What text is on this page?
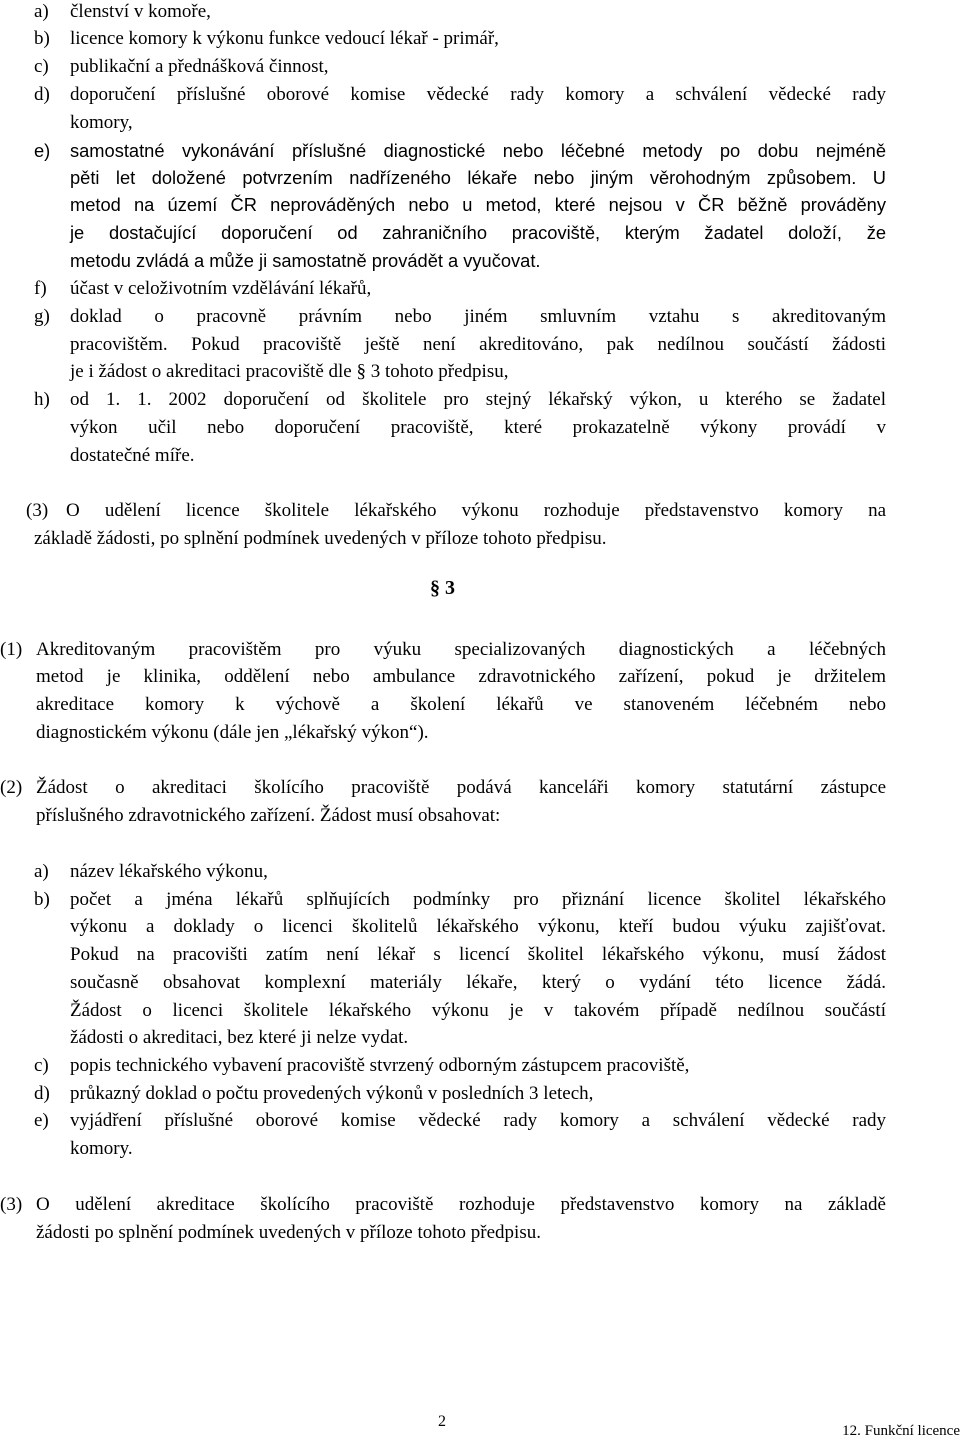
a) členství v komoře,
b) licence komory k výkonu funkce vedoucí lékař - primář,
c) publikační a přednášková činnost,
d) doporučení příslušné oborové komise vědecké rady komory a schválení vědecké rady
komory,
e) samostatné vykonávání příslušné diagnostické nebo léčebné metody po dobu nejméně
pěti let doložené potvrzením nadřízeného lékaře nebo jiným věrohodným způsobem. U
metod na území ČR neprováděných nebo u metod, které nejsou v ČR běžně prováděny
je dostačující doporučení od zahraničního pracoviště, kterým žadatel doloží, že
metodu zvládá a může ji samostatně provádět a vyučovat.
f) účast v celoživotním vzdělávání lékařů,
g) doklad o pracovně právním nebo jiném smluvním vztahu s akreditovaným
pracovištěm. Pokud pracoviště ještě není akreditováno, pak nedílnou součástí žádosti
je i žádost o akreditaci pracoviště dle § 3 tohoto předpisu,
h) od 1. 1. 2002 doporučení od školitele pro stejný lékařský výkon, u kterého se žadatel
výkon učil nebo doporučení pracoviště, které prokazatelně výkony provádí v
dostatečné míře.
(3) O udělení licence školitele lékařského výkonu rozhoduje představenstvo komory na
základě žádosti, po splnění podmínek uvedených v příloze tohoto předpisu.
§ 3
(1) Akreditovaným pracovištěm pro výuku specializovaných diagnostických a léčebných
metod je klinika, oddělení nebo ambulance zdravotnického zařízení, pokud je držitelem
akreditace komory k výchově a školení lékařů ve stanoveném léčebném nebo
diagnostickém výkonu (dále jen „lékařský výkon“).
(2) Žádost o akreditaci školícího pracoviště podává kanceláři komory statutární zástupce
příslušného zdravotnického zařízení. Žádost musí obsahovat:
a) název lékařského výkonu,
b) počet a jména lékařů splňujících podmínky pro přiznání licence školitel lékařského
výkonu a doklady o licenci školitelů lékařského výkonu, kteří budou výuku zajišťovat.
Pokud na pracovišti zatím není lékař s licencí školitel lékařského výkonu, musí žádost
současně obsahovat komplexní materiály lékaře, který o vydání této licence žádá.
Žádost o licenci školitele lékařského výkonu je v takovém případě nedílnou součástí
žádosti o akreditaci, bez které ji nelze vydat.
c) popis technického vybavení pracoviště stvrzený odborným zástupcem pracoviště,
d) průkazný doklad o počtu provedených výkonů v posledních 3 letech,
e) vyjádření příslušné oborové komise vědecké rady komory a schválení vědecké rady
komory.
(3) O udělení akreditace školícího pracoviště rozhoduje představenstvo komory na základě
žádosti po splnění podmínek uvedených v příloze tohoto předpisu.
2
12. Funkční licence
